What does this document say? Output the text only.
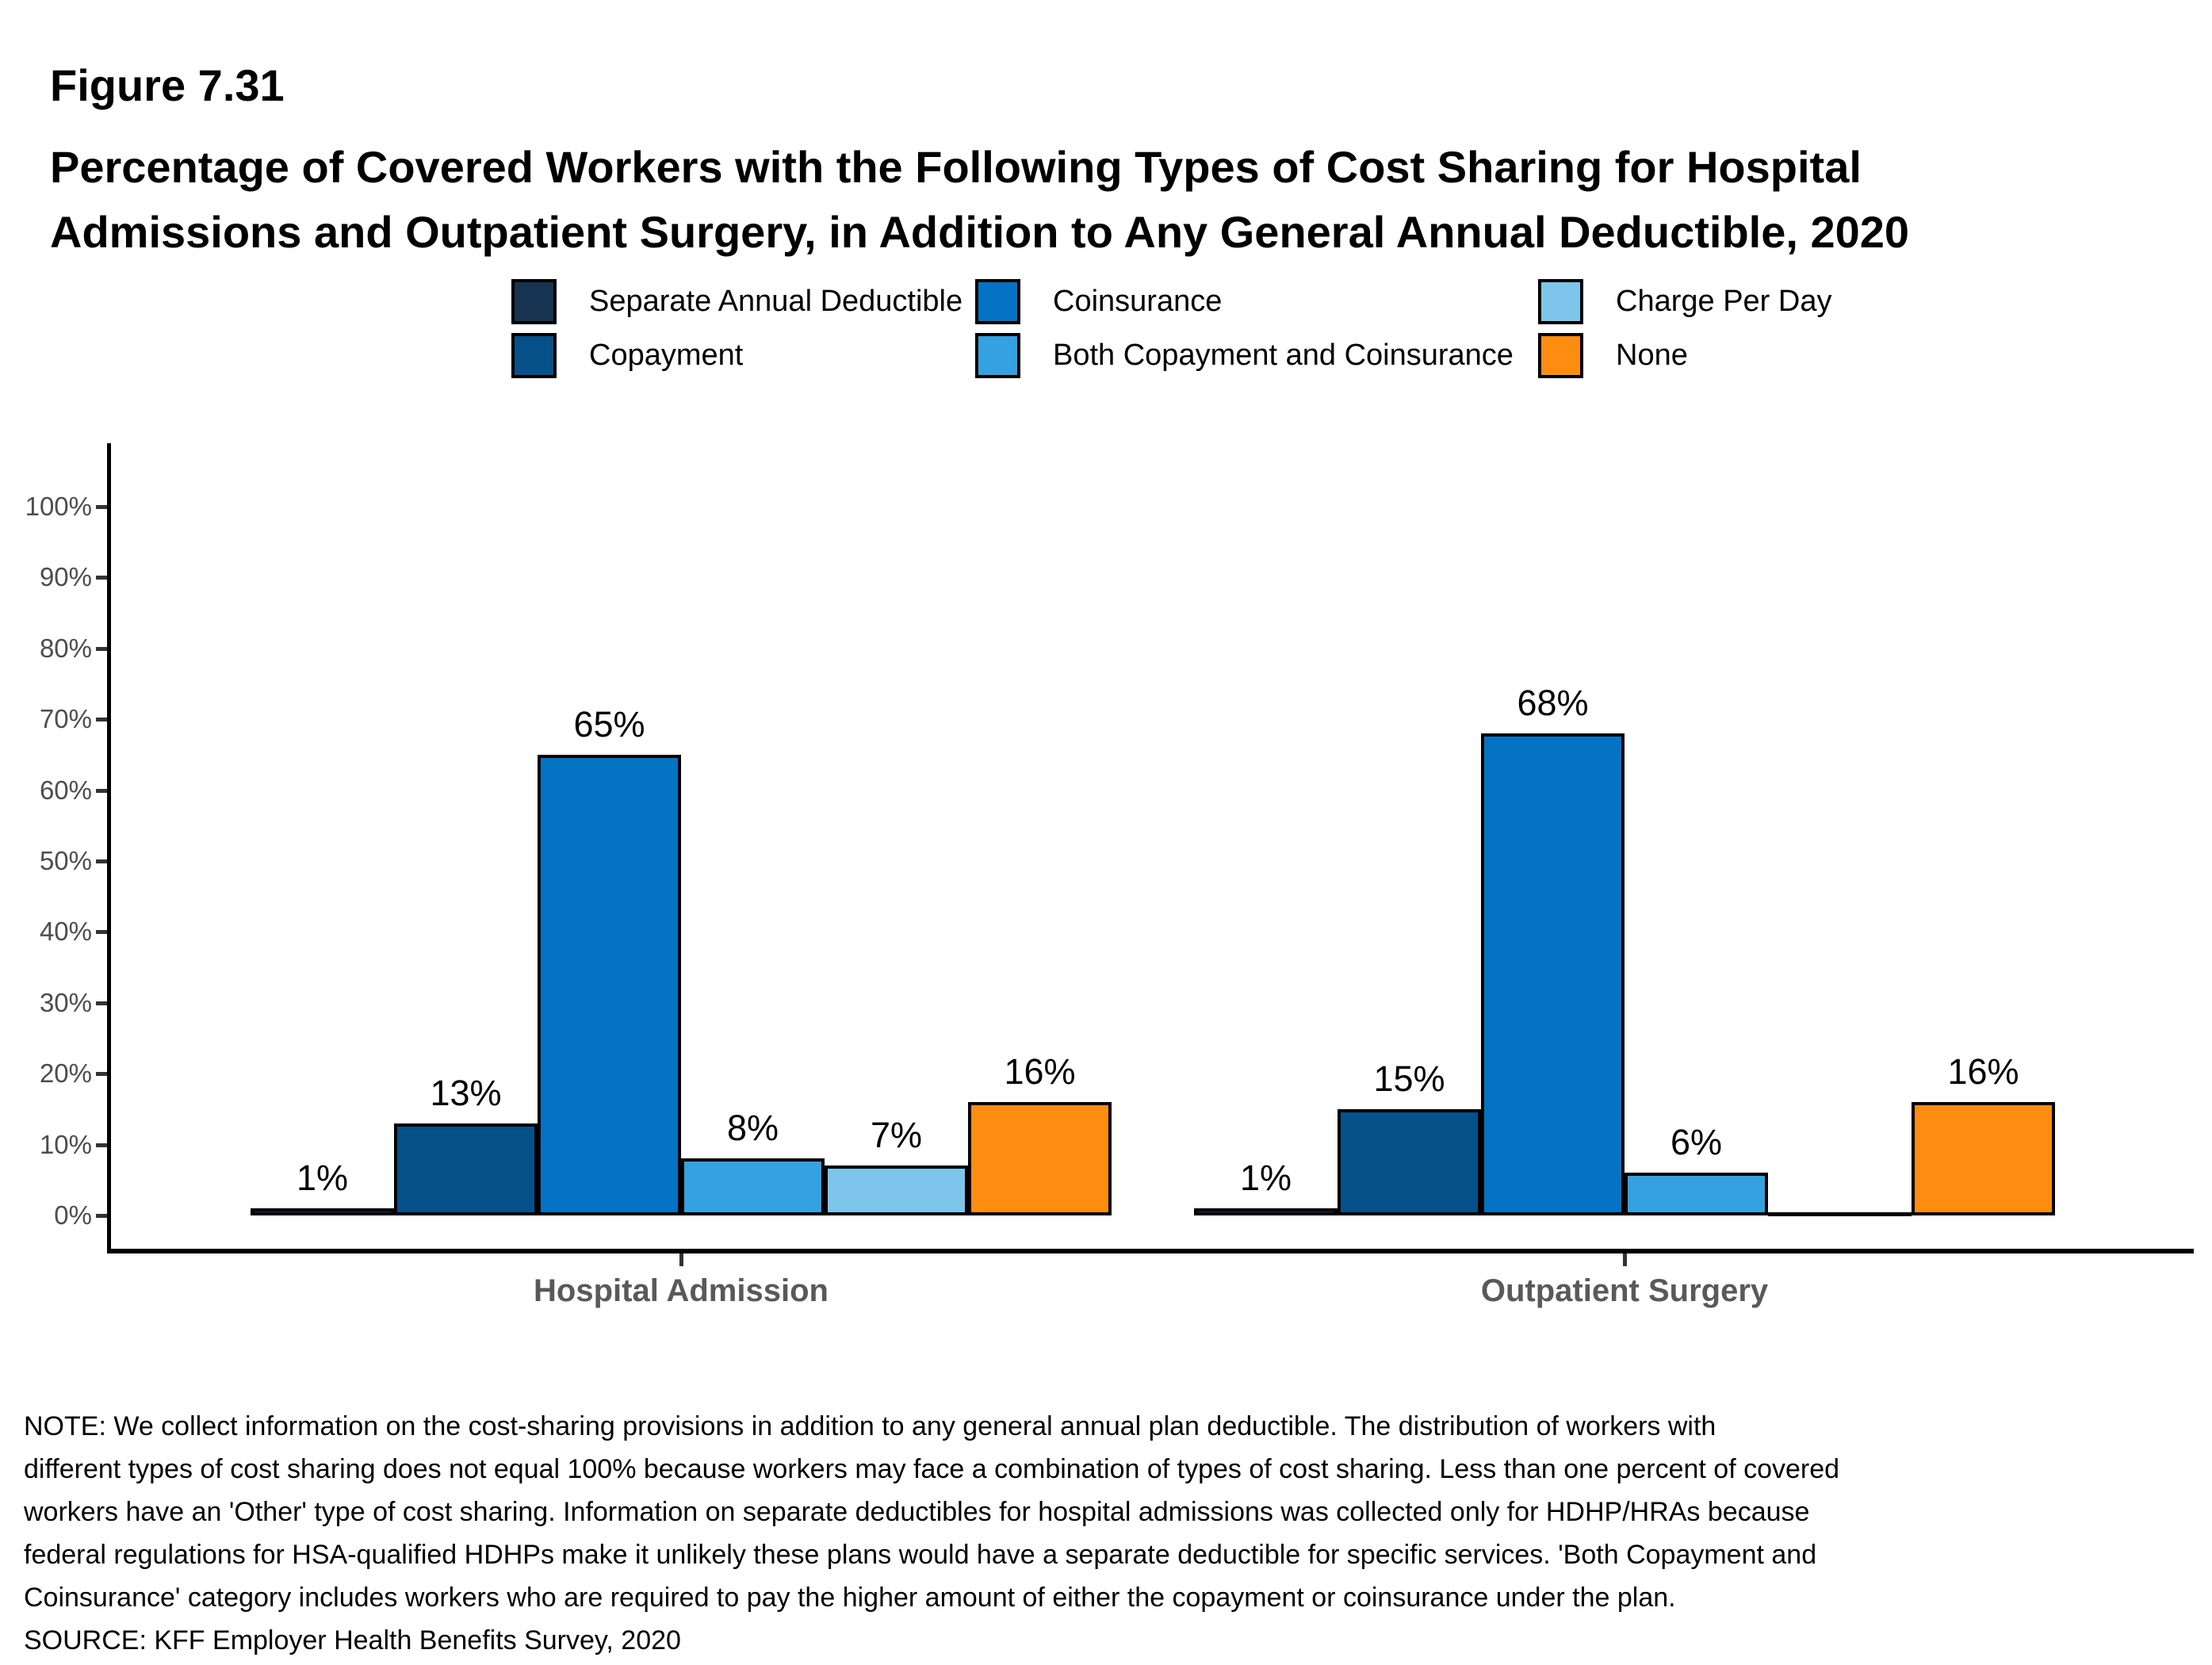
Figure 7.31
Percentage of Covered Workers with the Following Types of Cost Sharing for Hospital
Admissions and Outpatient Surgery, in Addition to Any General Annual Deductible, 2020
Separate Annual Deductible
Copayment
Coinsurance
Both Copayment and Coinsurance
Charge Per Day
None
0%
10%
20%
30%
40%
50%
60%
70%
80%
90%
100%
1%
13%
65%
8%	7%
16%
Hospital Admission
1%
15%
68%
6%
16%
Outpatient Surgery
NOTE: We collect information on the cost-sharing provisions in addition to any general annual plan deductible. The distribution of workers with
different types of cost sharing does not equal 100% because workers may face a combination of types of cost sharing. Less than one percent of covered
workers have an 'Other' type of cost sharing. Information on separate deductibles for hospital admissions was collected only for HDHP/HRAs because
federal regulations for HSA-qualified HDHPs make it unlikely these plans would have a separate deductible for specific services. 'Both Copayment and
Coinsurance' category includes workers who are required to pay the higher amount of either the copayment or coinsurance under the plan.
SOURCE: KFF Employer Health Benefits Survey, 2020
